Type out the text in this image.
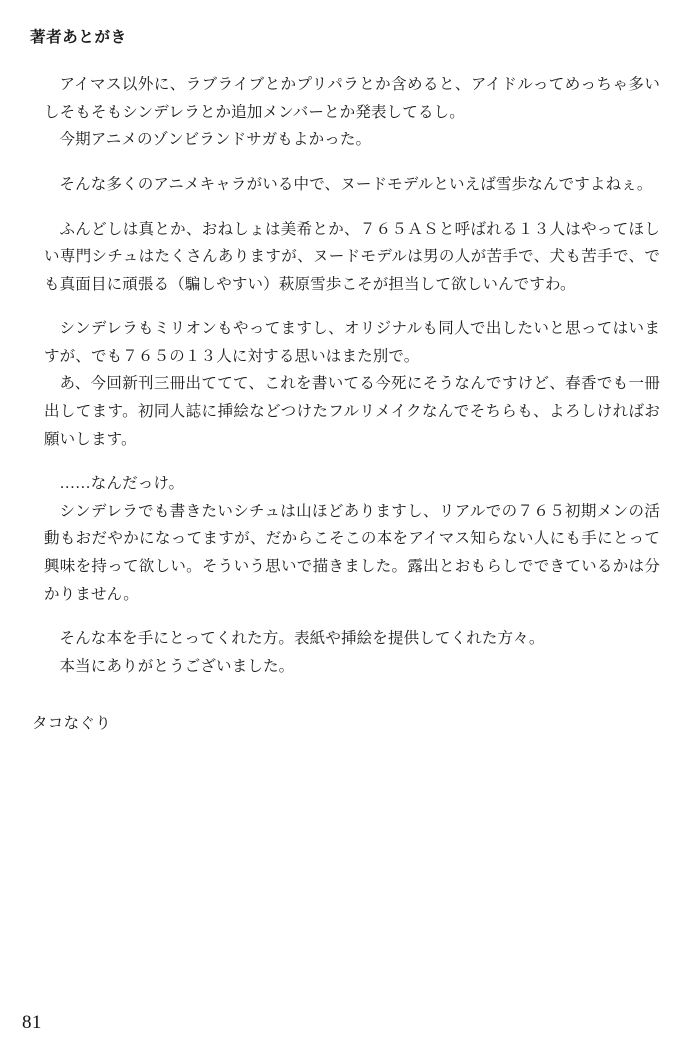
著者あとがき

アイマス以外に、ラブライブとかプリパラとか含めると、アイドルってめっちゃ多いしそもそもシンデレラとか追加メンバーとか発表してるし。

今期アニメのゾンビランドサガもよかった。

そんな多くのアニメキャラがいる中で、ヌードモデルといえば雪歩なんですよねぇ。

ふんどしは真とか、おねしょは美希とか、７６５ＡＳと呼ばれる１３人はやってほしい専門シチュはたくさんありますが、ヌードモデルは男の人が苦手で、犬も苦手で、でも真面目に頑張る（騙しやすい）萩原雪歩こそが担当して欲しいんですわ。

シンデレラもミリオンもやってますし、オリジナルも同人で出したいと思ってはいますが、でも７６５の１３人に対する思いはまた別で。

あ、今回新刊三冊出ててて、これを書いてる今死にそうなんですけど、春香でも一冊出してます。初同人誌に挿絵などつけたフルリメイクなんでそちらも、よろしければお願いします。

……なんだっけ。

シンデレラでも書きたいシチュは山ほどありますし、リアルでの７６５初期メンの活動もおだやかになってますが、だからこそこの本をアイマス知らない人にも手にとって興味を持って欲しい。そういう思いで描きました。露出とおもらしでできているかは分かりません。

そんな本を手にとってくれた方。表紙や挿絵を提供してくれた方々。

本当にありがとうございました。

タコなぐり
81
